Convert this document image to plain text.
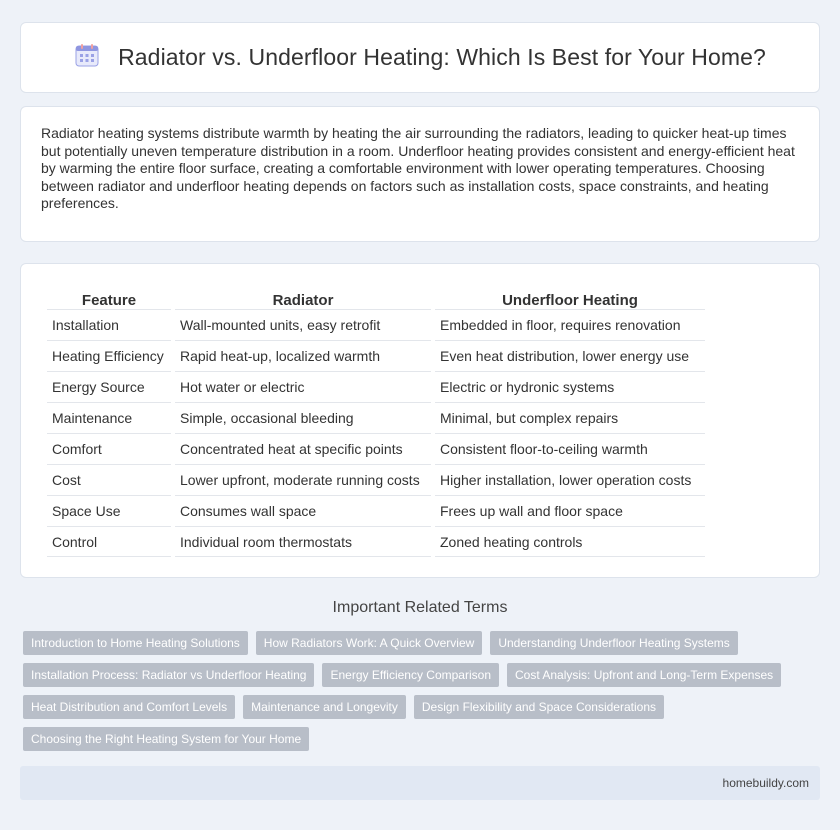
Radiator vs. Underfloor Heating: Which Is Best for Your Home?

Radiator heating systems distribute warmth by heating the air surrounding the radiators, leading to quicker heat-up times but potentially uneven temperature distribution in a room. Underfloor heating provides consistent and energy-efficient heat by warming the entire floor surface, creating a comfortable environment with lower operating temperatures. Choosing between radiator and underfloor heating depends on factors such as installation costs, space constraints, and heating preferences.

Feature	Radiator	Underfloor Heating
Installation	Wall-mounted units, easy retrofit	Embedded in floor, requires renovation
Heating Efficiency	Rapid heat-up, localized warmth	Even heat distribution, lower energy use
Energy Source	Hot water or electric	Electric or hydronic systems
Maintenance	Simple, occasional bleeding	Minimal, but complex repairs
Comfort	Concentrated heat at specific points	Consistent floor-to-ceiling warmth
Cost	Lower upfront, moderate running costs	Higher installation, lower operation costs
Space Use	Consumes wall space	Frees up wall and floor space
Control	Individual room thermostats	Zoned heating controls
Important Related Terms
Introduction to Home Heating Solutions	How Radiators Work: A Quick Overview	Understanding Underfloor Heating Systems
Installation Process: Radiator vs Underfloor Heating	Energy Efficiency Comparison	Cost Analysis: Upfront and Long-Term Expenses
Heat Distribution and Comfort Levels	Maintenance and Longevity	Design Flexibility and Space Considerations
Choosing the Right Heating System for Your Home
homebuildy.com
